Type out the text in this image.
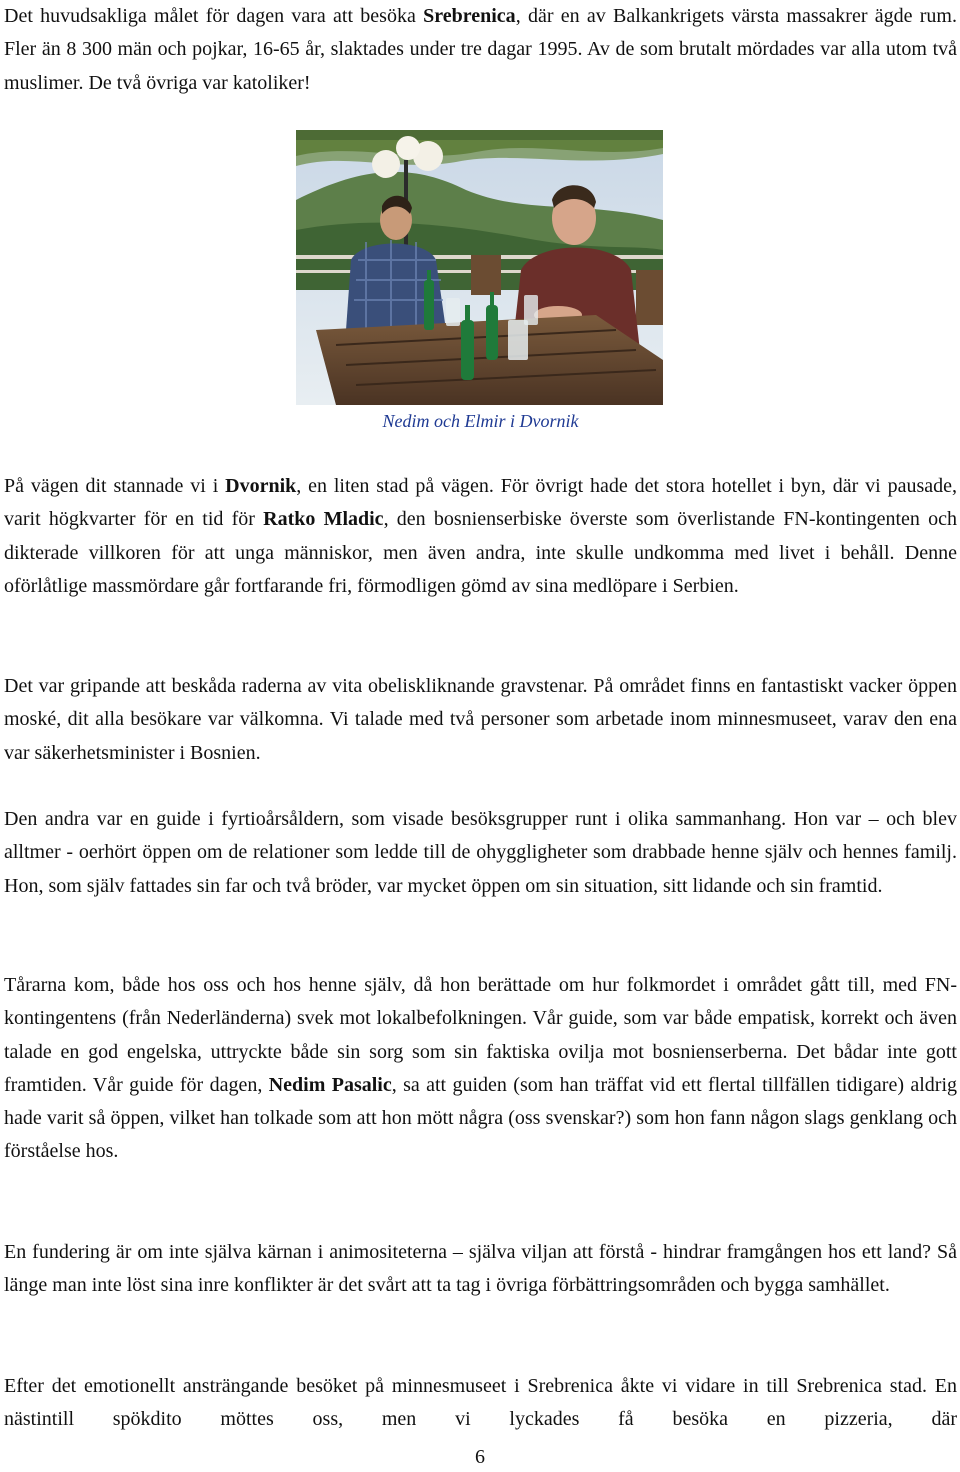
Det huvudsakliga målet för dagen vara att besöka Srebrenica, där en av Balkankrigets värsta massakrer ägde rum. Fler än 8 300 män och pojkar, 16-65 år, slaktades under tre dagar 1995. Av de som brutalt mördades var alla utom två muslimer. De två övriga var katoliker!

Nedim och Elmir i Dvornik

På vägen dit stannade vi i Dvornik, en liten stad på vägen. För övrigt hade det stora hotellet i byn, där vi pausade, varit högkvarter för en tid för Ratko Mladic, den bosnienserbiske överste som överlistande FN-kontingenten och dikterade villkoren för att unga människor, men även andra, inte skulle undkomma med livet i behåll. Denne oförlåtlige massmördare går fortfarande fri, förmodligen gömd av sina medlöpare i Serbien.

Det var gripande att beskåda raderna av vita obeliskliknande gravstenar. På området finns en fantastiskt vacker öppen moské, dit alla besökare var välkomna. Vi talade med två personer som arbetade inom minnesmuseet, varav den ena var säkerhetsminister i Bosnien.

Den andra var en guide i fyrtioårsåldern, som visade besöksgrupper runt i olika sammanhang. Hon var – och blev alltmer - oerhört öppen om de relationer som ledde till de ohyggligheter som drabbade henne själv och hennes familj. Hon, som själv fattades sin far och två bröder, var mycket öppen om sin situation, sitt lidande och sin framtid.

Tårarna kom, både hos oss och hos henne själv, då hon berättade om hur folkmordet i området gått till, med FN-kontingentens (från Nederländerna) svek mot lokalbefolkningen. Vår guide, som var både empatisk, korrekt och även talade en god engelska, uttryckte både sin sorg som sin faktiska ovilja mot bosnienserberna. Det bådar inte gott framtiden. Vår guide för dagen, Nedim Pasalic, sa att guiden (som han träffat vid ett flertal tillfällen tidigare) aldrig hade varit så öppen, vilket han tolkade som att hon mött några (oss svenskar?) som hon fann någon slags genklang och förståelse hos.

En fundering är om inte själva kärnan i animositeterna – själva viljan att förstå - hindrar framgången hos ett land? Så länge man inte löst sina inre konflikter är det svårt att ta tag i övriga förbättringsområden och bygga samhället.

Efter det emotionellt ansträngande besöket på minnesmuseet i Srebrenica åkte vi vidare in till Srebrenica stad. En nästintill spökdito möttes oss, men vi lyckades få besöka en pizzeria, där

6
